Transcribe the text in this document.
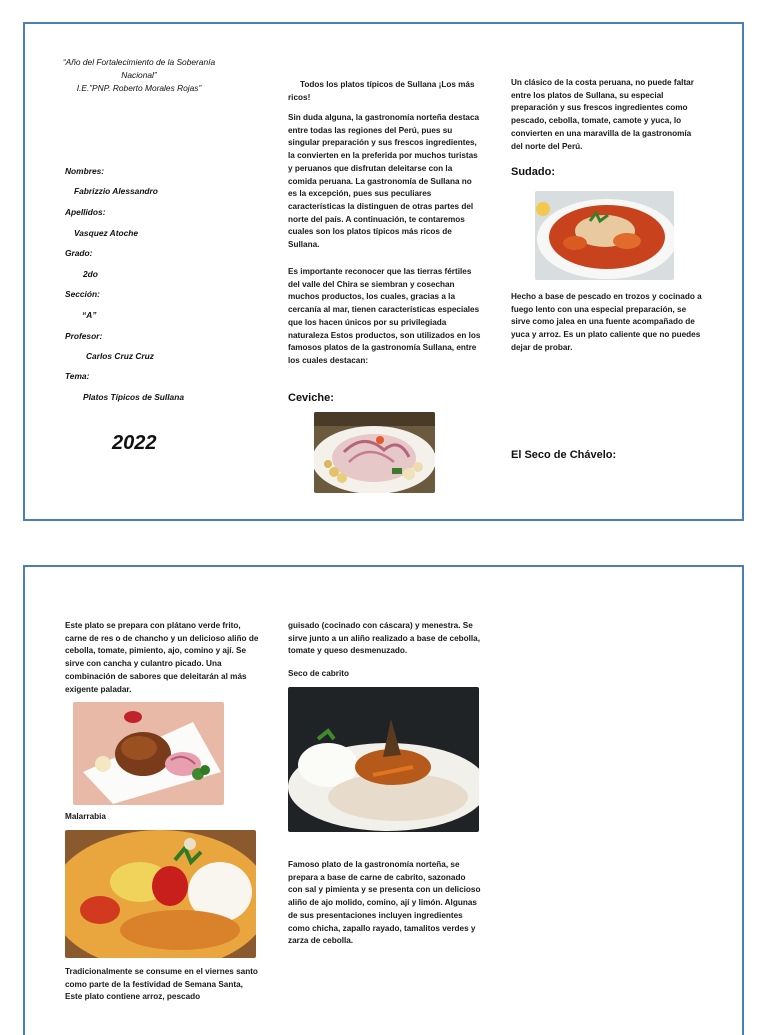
“Año del Fortalecimiento de la Soberanía
Nacional”
I.E.”PNP. Roberto Morales Rojas”
Nombres:
Fabrizzio Alessandro
Apellidos:
Vasquez Atoche
Grado:
2do
Sección:
“A”
Profesor:
Carlos Cruz Cruz
Tema:
Platos Típicos de Sullana
2022
Todos los platos típicos de Sullana ¡Los más ricos!
Sin duda alguna, la gastronomía norteña destaca entre todas las regiones del Perú, pues su singular preparación y sus frescos ingredientes, la convierten en la preferida por muchos turistas y peruanos que disfrutan deleitarse con la comida peruana. La gastronomía de Sullana no es la excepción, pues sus peculiares características la distinguen de otras partes del norte del país. A continuación, te contaremos cuales son los platos típicos más ricos de Sullana.
Es importante reconocer que las tierras fértiles del valle del Chira se siembran y cosechan muchos productos, los cuales, gracias a la cercanía al mar, tienen características especiales que los hacen únicos por su privilegiada naturaleza Estos productos, son utilizados en los famosos platos de la gastronomía Sullana, entre los cuales destacan:
Ceviche:
Un clásico de la costa peruana, no puede faltar entre los platos de Sullana, su especial preparación y sus frescos ingredientes como pescado, cebolla, tomate, camote y yuca, lo convierten en una maravilla de la gastronomía del norte del Perú.
Sudado:
Hecho a base de pescado en trozos y cocinado a fuego lento con una especial preparación, se sirve como jalea en una fuente acompañado de yuca y arroz. Es un plato caliente que no puedes dejar de probar.
El Seco de Chávelo:
Este plato se prepara con plátano verde frito, carne de res o de chancho y un delicioso aliño de cebolla, tomate, pimiento, ajo, comino y ají. Se sirve con cancha y culantro picado. Una combinación de sabores que deleitarán al más exigente paladar.
Malarrabia
Tradicionalmente se consume en el viernes santo como parte de la festividad de Semana Santa, Este plato contiene arroz, pescado
guisado (cocinado con cáscara) y menestra. Se sirve junto a un aliño realizado a base de cebolla, tomate y queso desmenuzado.
Seco de cabrito
Famoso plato de la gastronomía norteña, se prepara a base de carne de cabrito, sazonado con sal y pimienta y se presenta con un delicioso aliño de ajo molido, comino, ají y limón. Algunas de sus presentaciones incluyen ingredientes como chicha, zapallo rayado, tamalitos verdes y zarza de cebolla.
